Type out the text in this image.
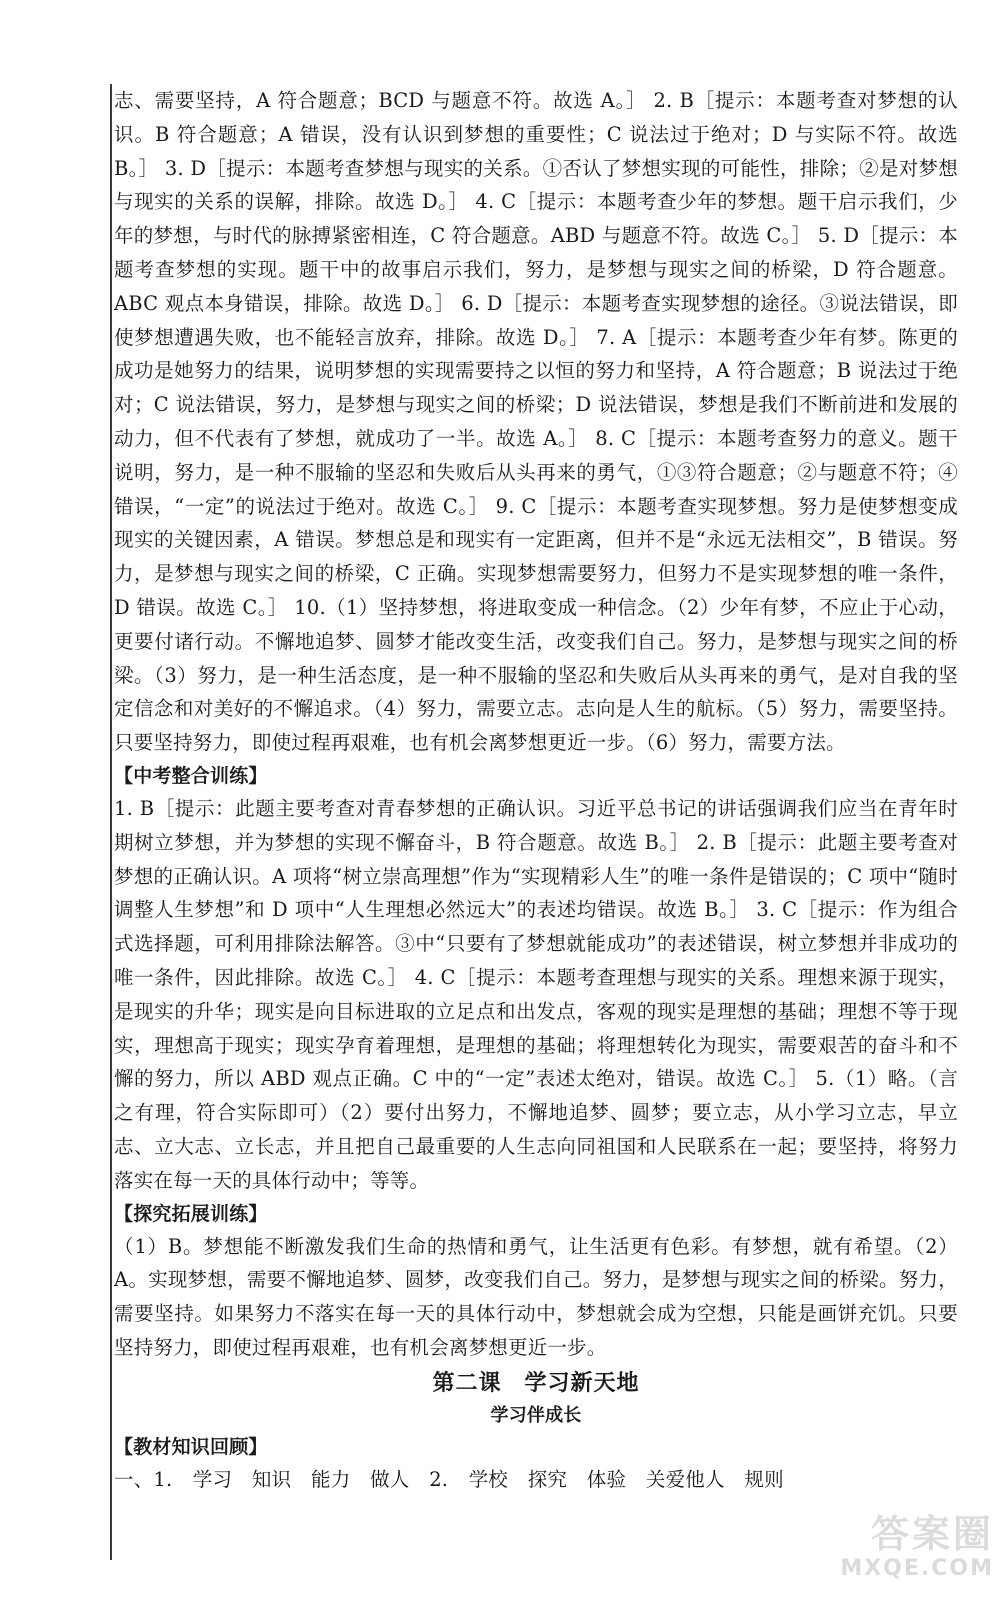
志、需要坚持，A 符合题意；BCD 与题意不符。故选 A。］ 2. B［提示：本题考查对梦想的认识。B 符合题意；A 错误，没有认识到梦想的重要性；C 说法过于绝对；D 与实际不符。故选 B。］ 3. D［提示：本题考查梦想与现实的关系。①否认了梦想实现的可能性，排除；②是对梦想与现实的关系的误解，排除。故选 D。］ 4. C［提示：本题考查少年的梦想。题干启示我们，少年的梦想，与时代的脉搏紧密相连，C 符合题意。ABD 与题意不符。故选 C。］ 5. D［提示：本题考查梦想的实现。题干中的故事启示我们，努力，是梦想与现实之间的桥梁，D 符合题意。ABC 观点本身错误，排除。故选 D。］ 6. D［提示：本题考查实现梦想的途径。③说法错误，即使梦想遭遇失败，也不能轻言放弃，排除。故选 D。］ 7. A［提示：本题考查少年有梦。陈更的成功是她努力的结果，说明梦想的实现需要持之以恒的努力和坚持，A 符合题意；B 说法过于绝对；C 说法错误，努力，是梦想与现实之间的桥梁；D 说法错误，梦想是我们不断前进和发展的动力，但不代表有了梦想，就成功了一半。故选 A。］ 8. C［提示：本题考查努力的意义。题干说明，努力，是一种不服输的坚忍和失败后从头再来的勇气，①③符合题意；②与题意不符；④错误，“一定”的说法过于绝对。故选 C。］ 9. C［提示：本题考查实现梦想。努力是使梦想变成现实的关键因素，A 错误。梦想总是和现实有一定距离，但并不是“永远无法相交”，B 错误。努力，是梦想与现实之间的桥梁，C 正确。实现梦想需要努力，但努力不是实现梦想的唯一条件，D 错误。故选 C。］ 10.（1）坚持梦想，将进取变成一种信念。（2）少年有梦，不应止于心动，更要付诸行动。不懈地追梦、圆梦才能改变生活，改变我们自己。努力，是梦想与现实之间的桥梁。（3）努力，是一种生活态度，是一种不服输的坚忍和失败后从头再来的勇气，是对自我的坚定信念和对美好的不懈追求。（4）努力，需要立志。志向是人生的航标。（5）努力，需要坚持。只要坚持努力，即使过程再艰难，也有机会离梦想更近一步。（6）努力，需要方法。

【中考整合训练】

1. B［提示：此题主要考查对青春梦想的正确认识。习近平总书记的讲话强调我们应当在青年时期树立梦想，并为梦想的实现不懈奋斗，B 符合题意。故选 B。］ 2. B［提示：此题主要考查对梦想的正确认识。A 项将“树立崇高理想”作为“实现精彩人生”的唯一条件是错误的；C 项中“随时调整人生梦想”和 D 项中“人生理想必然远大”的表述均错误。故选 B。］ 3. C［提示：作为组合式选择题，可利用排除法解答。③中“只要有了梦想就能成功”的表述错误，树立梦想并非成功的唯一条件，因此排除。故选 C。］ 4. C［提示：本题考查理想与现实的关系。理想来源于现实，是现实的升华；现实是向目标进取的立足点和出发点，客观的现实是理想的基础；理想不等于现实，理想高于现实；现实孕育着理想，是理想的基础；将理想转化为现实，需要艰苦的奋斗和不懈的努力，所以 ABD 观点正确。C 中的“一定”表述太绝对，错误。故选 C。］ 5.（1）略。（言之有理，符合实际即可）（2）要付出努力，不懈地追梦、圆梦；要立志，从小学习立志，早立志、立大志、立长志，并且把自己最重要的人生志向同祖国和人民联系在一起；要坚持，将努力落实在每一天的具体行动中；等等。

【探究拓展训练】

（1）B。梦想能不断激发我们生命的热情和勇气，让生活更有色彩。有梦想，就有希望。（2）A。实现梦想，需要不懈地追梦、圆梦，改变我们自己。努力，是梦想与现实之间的桥梁。努力，需要坚持。如果努力不落实在每一天的具体行动中，梦想就会成为空想，只能是画饼充饥。只要坚持努力，即使过程再艰难，也有机会离梦想更近一步。

第二课　学习新天地

学习伴成长

【教材知识回顾】

一、1. 学习　知识　能力　做人　2. 学校　探究　体验　关爱他人　规则

答案圈
MXQE.COM
